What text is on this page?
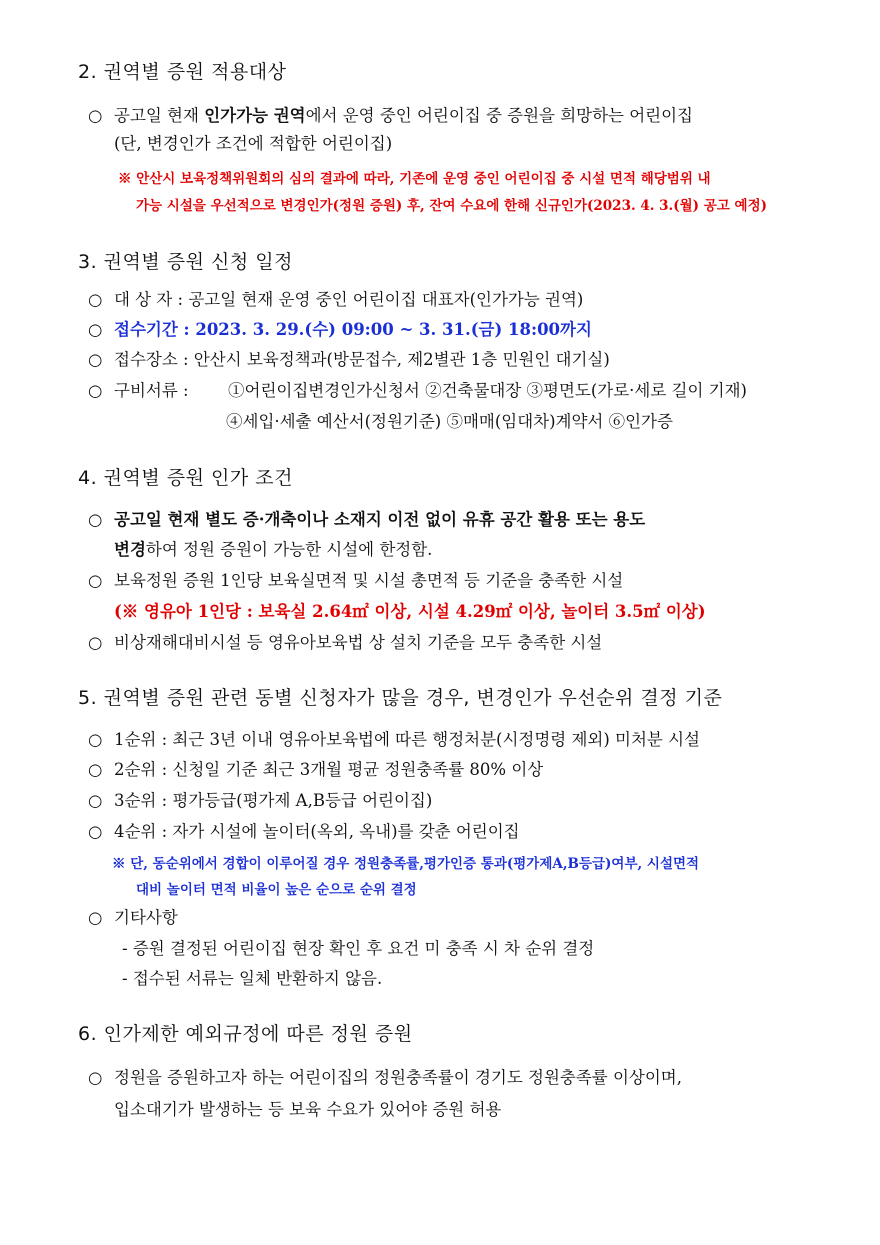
2. 권역별 증원 적용대상
○ 공고일 현재 인가가능 권역에서 운영 중인 어린이집 중 증원을 희망하는 어린이집
(단, 변경인가 조건에 적합한 어린이집)
※ 안산시 보육정책위원회의 심의 결과에 따라, 기존에 운영 중인 어린이집 중 시설 면적 해당범위 내
가능 시설을 우선적으로 변경인가(정원 증원) 후, 잔여 수요에 한해 신규인가(2023. 4. 3.(월) 공고 예정)
3. 권역별 증원 신청 일정
○ 대 상 자 : 공고일 현재 운영 중인 어린이집 대표자(인가가능 권역)
○ 접수기간 : 2023. 3. 29.(수) 09:00 ~ 3. 31.(금) 18:00까지
○ 접수장소 : 안산시 보육정책과(방문접수, 제2별관 1층 민원인 대기실)
○ 구비서류 : ①어린이집변경인가신청서 ②건축물대장 ③평면도(가로·세로 길이 기재)
④세입·세출 예산서(정원기준) ⑤매매(임대차)계약서 ⑥인가증
4. 권역별 증원 인가 조건
○ 공고일 현재 별도 증·개축이나 소재지 이전 없이 유휴 공간 활용 또는 용도
변경하여 정원 증원이 가능한 시설에 한정함.
○ 보육정원 증원 1인당 보육실면적 및 시설 총면적 등 기준을 충족한 시설
(※ 영유아 1인당 : 보육실 2.64㎡ 이상, 시설 4.29㎡ 이상, 놀이터 3.5㎡ 이상)
○ 비상재해대비시설 등 영유아보육법 상 설치 기준을 모두 충족한 시설
5. 권역별 증원 관련 동별 신청자가 많을 경우, 변경인가 우선순위 결정 기준
○ 1순위 : 최근 3년 이내 영유아보육법에 따른 행정처분(시정명령 제외) 미처분 시설
○ 2순위 : 신청일 기준 최근 3개월 평균 정원충족률 80% 이상
○ 3순위 : 평가등급(평가제 A,B등급 어린이집)
○ 4순위 : 자가 시설에 놀이터(옥외, 옥내)를 갖춘 어린이집
※ 단, 동순위에서 경합이 이루어질 경우 정원충족률,평가인증 통과(평가제A,B등급)여부, 시설면적
대비 놀이터 면적 비율이 높은 순으로 순위 결정
○ 기타사항
- 증원 결정된 어린이집 현장 확인 후 요건 미 충족 시 차 순위 결정
- 접수된 서류는 일체 반환하지 않음.
6. 인가제한 예외규정에 따른 정원 증원
○ 정원을 증원하고자 하는 어린이집의 정원충족률이 경기도 정원충족률 이상이며,
입소대기가 발생하는 등 보육 수요가 있어야 증원 허용
